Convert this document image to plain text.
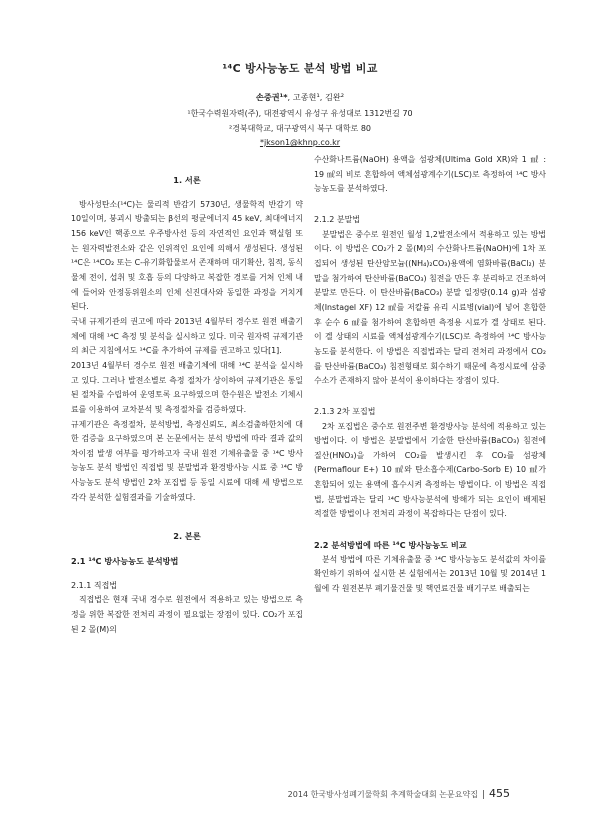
¹⁴C 방사능농도 분석 방법 비교
손중권¹*, 고종현¹, 김완²
¹한국수력원자력(주), 대전광역시 유성구 유성대로 1312번길 70
²경북대학교, 대구광역시 북구 대학로 80
*jkson1@khnp.co.kr

1. 서론

방사성탄소(¹⁴C)는 물리적 반감기 5730년, 생물학적 반감기 약 10일이며, 붕괴시 방출되는 β선의 평균에너지 45 keV, 최대에너지 156 keV인 핵종으로 우주방사선 등의 자연적인 요인과 핵실험 또는 원자력발전소와 같은 인위적인 요인에 의해서 생성된다. 생성된 ¹⁴C은 ¹⁴CO₂ 또는 C-유기화합물로서 존재하며 대기확산, 침적, 동식물체 전이, 섭취 및 호흡 등의 다양하고 복잡한 경로를 거쳐 인체 내에 들어와 안정동위원소의 인체 신진대사와 동일한 과정을 거치게 된다.

국내 규제기관의 권고에 따라 2013년 4월부터 경수로 원전 배출기체에 대해 ¹⁴C 측정 및 분석을 실시하고 있다. 미국 원자력 규제기관의 최근 지침에서도 ¹⁴C를 추가하여 규제를 권고하고 있다[1].

2013년 4월부터 경수로 원전 배출기체에 대해 ¹⁴C 분석을 실시하고 있다. 그러나 발전소별로 측정 절차가 상이하여 규제기관은 통일된 절차를 수립하여 운영토록 요구하였으며 한수원은 발전소 기체시료를 이용하여 교차분석 및 측정절차를 검증하였다.

규제기관은 측정절차, 분석방법, 측정신뢰도, 최소검출하한치에 대한 검증을 요구하였으며 본 논문에서는 분석 방법에 따라 결과 값의 차이점 발생 여부를 평가하고자 국내 원전 기체유출물 중 ¹⁴C 방사능농도 분석 방법인 직접법 및 분말법과 환경방사능 시료 중 ¹⁴C 방사능농도 분석 방법인 2차 포집법 등 동일 시료에 대해 세 방법으로 각각 분석한 실험결과를 기술하였다.

2. 본론

2.1 ¹⁴C 방사능농도 분석방법

2.1.1 직접법

직접법은 현재 국내 경수로 원전에서 적용하고 있는 방법으로 측정을 위한 복잡한 전처리 과정이 필요없는 장점이 있다. CO₂가 포집된 2 몰(M)의

수산화나트륨(NaOH) 용액을 섬광체(Ultima Gold XR)와 1 ㎖ : 19 ㎖의 비로 혼합하여 액체섬광계수기(LSC)로 측정하여 ¹⁴C 방사능농도를 분석하였다.

2.1.2 분말법

분말법은 중수로 원전인 월성 1,2발전소에서 적용하고 있는 방법이다. 이 방법은 CO₂가 2 몰(M)의 수산화나트륨(NaOH)에 1차 포집되어 생성된 탄산암모늄((NH₄)₂CO₃)용액에 염화바륨(BaCl₂) 분말을 첨가하여 탄산바륨(BaCO₃) 침전을 만든 후 분리하고 건조하여 분말로 만든다. 이 탄산바륨(BaCO₃) 분말 일정량(0.14 g)과 섬광체(Instagel XF) 12 ㎖를 저칼륨 유리 시료병(vial)에 넣어 혼합한 후 순수 6 ㎖를 첨가하여 혼합하면 측정용 시료가 겔 상태로 된다. 이 겔 상태의 시료를 액체섬광계수기(LSC)로 측정하여 ¹⁴C 방사능농도를 분석한다. 이 방법은 직접법과는 달리 전처리 과정에서 CO₂를 탄산바륨(BaCO₃) 침전형태로 회수하기 때문에 측정시료에 삼중수소가 존재하지 않아 분석이 용이하다는 장점이 있다.

2.1.3 2차 포집법

2차 포집법은 중수로 원전주변 환경방사능 분석에 적용하고 있는 방법이다. 이 방법은 분말법에서 기술한 탄산바륨(BaCO₃) 침전에 질산(HNO₃)을 가하여 CO₂를 발생시킨 후 CO₂를 섬광체(Permaflour E+) 10 ㎖와 탄소흡수제(Carbo-Sorb E) 10 ㎖가 혼합되어 있는 용액에 흡수시켜 측정하는 방법이다. 이 방법은 직접법, 분말법과는 달리 ¹⁴C 방사능분석에 방해가 되는 요인이 배제된 적절한 방법이나 전처리 과정이 복잡하다는 단점이 있다.

2.2 분석방법에 따른 ¹⁴C 방사능농도 비교

분석 방법에 따른 기체유출물 중 ¹⁴C 방사능농도 분석값의 차이를 확인하기 위하여 실시한 본 실험에서는 2013년 10월 및 2014년 1월에 각 원전본부 폐기물건물 및 핵연료건물 배기구로 배출되는

2014 한국방사성폐기물학회 추계학술대회 논문요약집 | 455
